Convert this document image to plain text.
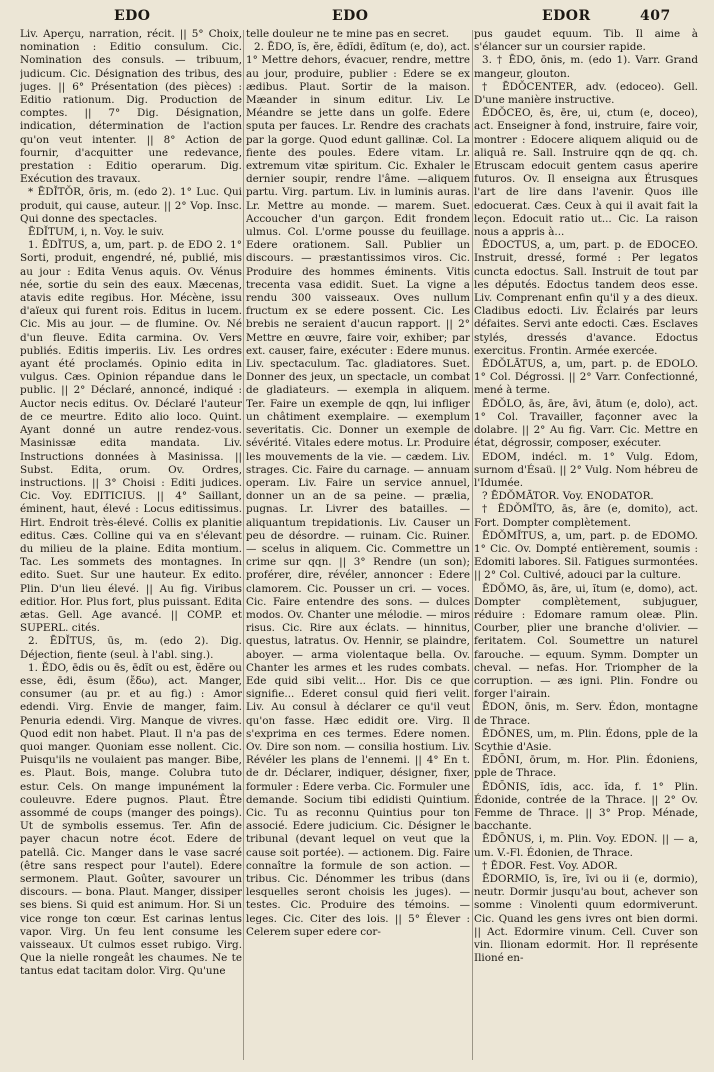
EDO	EDO	EDOR	407

Liv. Aperçu, narration, récit. || 5° Choix, nomination : Editio consulum. Cic. Nomination des consuls. — tribuum, judicum. Cic. Désignation des tribus, des juges. || 6° Présentation (des pièces) : Editio rationum. Dig. Production de comptes. || 7° Dig. Désignation, indication, détermination de l'action qu'on veut intenter. || 8° Action de fournir, d'acquitter une redevance, prestation : Editio operarum. Dig. Exécution des travaux.

* ĒDĬTŎR, ōris, m. (edo 2). 1° Luc. Qui produit, qui cause, auteur. || 2° Vop. Insc. Qui donne des spectacles.

ĒDĬTUM, i, n. Voy. le suiv.

1. ĒDĬTUS, a, um, part. p. de EDO 2. 1° Sorti, produit, engendré, né, publié, mis au jour : Edita Venus aquis. Ov. Vénus née, sortie du sein des eaux. Mæcenas, atavis edite regibus. Hor. Mécène, issu d'aïeux qui furent rois. Editus in lucem. Cic. Mis au jour. — de flumine. Ov. Né d'un fleuve. Edita carmina. Ov. Vers publiés. Editis imperiis. Liv. Les ordres ayant été proclamés. Opinio edita in vulgus. Cæs. Opinion répandue dans le public. || 2° Déclaré, annoncé, indiqué : Auctor necis editus. Ov. Déclaré l'auteur de ce meurtre. Edito alio loco. Quint. Ayant donné un autre rendez-vous. Masinissæ edita mandata. Liv. Instructions données à Masinissa. || Subst. Edita, orum. Ov. Ordres, instructions. || 3° Choisi : Editi judices. Cic. Voy. EDITICIUS. || 4° Saillant, éminent, haut, élevé : Locus editissimus. Hirt. Endroit très-élevé. Collis ex planitie editus. Cæs. Colline qui va en s'élevant du milieu de la plaine. Edita montium. Tac. Les sommets des montagnes. In edito. Suet. Sur une hauteur. Ex edito. Plin. D'un lieu élevé. || Au fig. Viribus editior. Hor. Plus fort, plus puissant. Edita ætas. Gell. Age avancé. || COMP. et SUPERL. cités.

2. ĒDĬTUS, ūs, m. (edo 2). Dig. Déjection, fiente (seul. à l'abl. sing.).

1. ĔDO, ēdis ou ēs, ēdĭt ou est, ĕdĕre ou esse, ēdi, ēsum (ἔδω), act. Manger, consumer (au pr. et au fig.) : Amor edendi. Virg. Envie de manger, faim. Penuria edendi. Virg. Manque de vivres. Quod edit non habet. Plaut. Il n'a pas de quoi manger. Quoniam esse nollent. Cic. Puisqu'ils ne voulaient pas manger. Bibe, es. Plaut. Bois, mange. Colubra tuto estur. Cels. On mange impunément la couleuvre. Edere pugnos. Plaut. Être assommé de coups (manger des poings). Ut de symbolis essemus. Ter. Afin de payer chacun notre écot. Edere de patellâ. Cic. Manger dans le vase sacré (être sans respect pour l'autel). Edere sermonem. Plaut. Goûter, savourer un discours. — bona. Plaut. Manger, dissiper ses biens. Si quid est animum. Hor. Si un vice ronge ton cœur. Est carinas lentus vapor. Virg. Un feu lent consume les vaisseaux. Ut culmos esset rubigo. Virg. Que la nielle rongeât les chaumes. Ne te tantus edat tacitam dolor. Virg. Qu'une

telle douleur ne te mine pas en secret.

2. ĒDO, ĭs, ĕre, ēdĭdi, ēdĭtum (e, do), act. 1° Mettre dehors, évacuer, rendre, mettre au jour, produire, publier : Edere se ex ædibus. Plaut. Sortir de la maison. Mæander in sinum editur. Liv. Le Méandre se jette dans un golfe. Edere sputa per fauces. Lr. Rendre des crachats par la gorge. Quod edunt gallinæ. Col. La fiente des poules. Edere vitam. Lr. extremum vitæ spiritum. Cic. Exhaler le dernier soupir, rendre l'âme. —aliquem partu. Virg. partum. Liv. in luminis auras. Lr. Mettre au monde. — marem. Suet. Accoucher d'un garçon. Edit frondem ulmus. Col. L'orme pousse du feuillage. Edere orationem. Sall. Publier un discours. — præstantissimos viros. Cic. Produire des hommes éminents. Vitis trecenta vasa edidit. Suet. La vigne a rendu 300 vaisseaux. Oves nullum fructum ex se edere possent. Cic. Les brebis ne seraient d'aucun rapport. || 2° Mettre en œuvre, faire voir, exhiber; par ext. causer, faire, exécuter : Edere munus. Liv. spectaculum. Tac. gladiatores. Suet. Donner des jeux, un spectacle, un combat de gladiateurs. — exempla in aliquem. Ter. Faire un exemple de qqn, lui infliger un châtiment exemplaire. — exemplum severitatis. Cic. Donner un exemple de sévérité. Vitales edere motus. Lr. Produire les mouvements de la vie. — cædem. Liv. strages. Cic. Faire du carnage. — annuam operam. Liv. Faire un service annuel, donner un an de sa peine. — prælia, pugnas. Lr. Livrer des batailles. — aliquantum trepidationis. Liv. Causer un peu de désordre. — ruinam. Cic. Ruiner. — scelus in aliquem. Cic. Commettre un crime sur qqn. || 3° Rendre (un son); proférer, dire, révéler, annoncer : Edere clamorem. Cic. Pousser un cri. — voces. Cic. Faire entendre des sons. — dulces modos. Ov. Chanter une mélodie. — miros risus. Cic. Rire aux éclats. — hinnitus, questus, latratus. Ov. Hennir, se plaindre, aboyer. — arma violentaque bella. Ov. Chanter les armes et les rudes combats. Ede quid sibi velit... Hor. Dis ce que signifie... Ederet consul quid fieri velit. Liv. Au consul à déclarer ce qu'il veut qu'on fasse. Hæc edidit ore. Virg. Il s'exprima en ces termes. Edere nomen. Ov. Dire son nom. — consilia hostium. Liv. Révéler les plans de l'ennemi. || 4° En t. de dr. Déclarer, indiquer, désigner, fixer, formuler : Edere verba. Cic. Formuler une demande. Socium tibi edidisti Quintium. Cic. Tu as reconnu Quintius pour ton associé. Edere judicium. Cic. Désigner le tribunal (devant lequel on veut que la cause soit portée). — actionem. Dig. Faire connaître la formule de son action. — tribus. Cic. Dénommer les tribus (dans lesquelles seront choisis les juges). — testes. Cic. Produire des témoins. — leges. Cic. Citer des lois. || 5° Élever : Celerem super edere cor-

pus gaudet equum. Tib. Il aime à s'élancer sur un coursier rapide.

3. † ĒDO, ōnis, m. (edo 1). Varr. Grand mangeur, glouton.

† ĒDŎCENTER, adv. (edoceo). Gell. D'une manière instructive.

ĒDŎCEO, ēs, ēre, ui, ctum (e, doceo), act. Enseigner à fond, instruire, faire voir, montrer : Edocere aliquem aliquid ou de aliquâ re. Sall. Instruire qqn de qq. ch. Etruscam edocuit gentem casus aperire futuros. Ov. Il enseigna aux Étrusques l'art de lire dans l'avenir. Quos ille edocuerat. Cæs. Ceux à qui il avait fait la leçon. Edocuit ratio ut... Cic. La raison nous a appris à...

ĒDOCTUS, a, um, part. p. de EDOCEO. Instruit, dressé, formé : Per legatos cuncta edoctus. Sall. Instruit de tout par les députés. Edoctus tandem deos esse. Liv. Comprenant enfin qu'il y a des dieux. Cladibus edocti. Liv. Éclairés par leurs défaites. Servi ante edocti. Cæs. Esclaves stylés, dressés d'avance. Edoctus exercitus. Frontin. Armée exercée.

ĒDŎLĀTUS, a, um, part. p. de EDOLO. 1° Col. Dégrossi. || 2° Varr. Confectionné, mené à terme.

ĒDŎLO, ās, āre, āvi, ātum (e, dolo), act. 1° Col. Travailler, façonner avec la dolabre. || 2° Au fig. Varr. Cic. Mettre en état, dégrossir, composer, exécuter.

EDOM, indécl. m. 1° Vulg. Edom, surnom d'Ésaü. || 2° Vulg. Nom hébreu de l'Idumée.

? ĒDŎMĀTOR. Voy. ENODATOR.

† ĒDŎMĬTO, ās, āre (e, domito), act. Fort. Dompter complètement.

ĒDŎMĬTUS, a, um, part. p. de EDOMO. 1° Cic. Ov. Dompté entièrement, soumis : Edomiti labores. Sil. Fatigues surmontées. || 2° Col. Cultivé, adouci par la culture.

ĒDŎMO, ās, āre, ui, ĭtum (e, domo), act. Dompter complètement, subjuguer, réduire : Edomare ramum oleæ. Plin. Courber, plier une branche d'olivier. — feritatem. Col. Soumettre un naturel farouche. — equum. Symm. Dompter un cheval. — nefas. Hor. Triompher de la corruption. — æs igni. Plin. Fondre ou forger l'airain.

ĒDON, ōnis, m. Serv. Édon, montagne de Thrace.

ĒDŌNES, um, m. Plin. Édons, pple de la Scythie d'Asie.

ĒDŌNI, ōrum, m. Hor. Plin. Édoniens, pple de Thrace.

ĒDŌNIS, ĭdis, acc. ĭda, f. 1° Plin. Édonide, contrée de la Thrace. || 2° Ov. Femme de Thrace. || 3° Prop. Ménade, bacchante.

ĒDŌNUS, i, m. Plin. Voy. EDON. || — a, um. V.-Fl. Édonien, de Thrace.

† ĒDOR. Fest. Voy. ADOR.

ĒDORMIO, īs, īre, īvi ou ii (e, dormio), neutr. Dormir jusqu'au bout, achever son somme : Vinolenti quum edormiverunt. Cic. Quand les gens ivres ont bien dormi. || Act. Edormire vinum. Cell. Cuver son vin. Ilionam edormit. Hor. Il représente Ilioné en-
